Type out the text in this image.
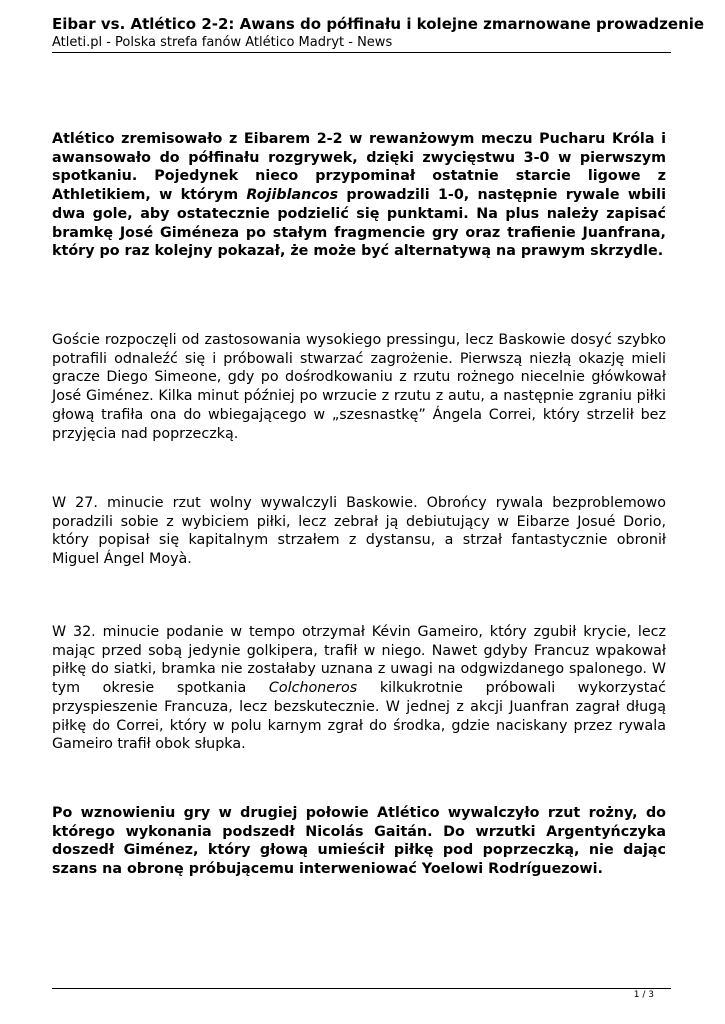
Eibar vs. Atlético 2-2: Awans do półfinału i kolejne zmarnowane prowadzenie
Atleti.pl - Polska strefa fanów Atlético Madryt - News

Atlético zremisowało z Eibarem 2-2 w rewanżowym meczu Pucharu Króla i awansowało do półfinału rozgrywek, dzięki zwycięstwu 3-0 w pierwszym spotkaniu. Pojedynek nieco przypominał ostatnie starcie ligowe z Athletikiem, w którym Rojiblancos prowadzili 1-0, następnie rywale wbili dwa gole, aby ostatecznie podzielić się punktami. Na plus należy zapisać bramkę José Giméneza po stałym fragmencie gry oraz trafienie Juanfrana, który po raz kolejny pokazał, że może być alternatywą na prawym skrzydle.

Goście rozpoczęli od zastosowania wysokiego pressingu, lecz Baskowie dosyć szybko potrafili odnaleźć się i próbowali stwarzać zagrożenie. Pierwszą niezłą okazję mieli gracze Diego Simeone, gdy po dośrodkowaniu z rzutu rożnego niecelnie główkował José Giménez. Kilka minut później po wrzucie z rzutu z autu, a następnie zgraniu piłki głową trafiła ona do wbiegającego w „szesnastkę” Ángela Correi, który strzelił bez przyjęcia nad poprzeczką.

W 27. minucie rzut wolny wywalczyli Baskowie. Obrońcy rywala bezproblemowo poradzili sobie z wybiciem piłki, lecz zebrał ją debiutujący w Eibarze Josué Dorio, który popisał się kapitalnym strzałem z dystansu, a strzał fantastycznie obronił Miguel Ángel Moyà.

W 32. minucie podanie w tempo otrzymał Kévin Gameiro, który zgubił krycie, lecz mając przed sobą jedynie golkipera, trafił w niego. Nawet gdyby Francuz wpakował piłkę do siatki, bramka nie zostałaby uznana z uwagi na odgwizdanego spalonego. W tym okresie spotkania Colchoneros kilkukrotnie próbowali wykorzystać przyspieszenie Francuza, lecz bezskutecznie. W jednej z akcji Juanfran zagrał długą piłkę do Correi, który w polu karnym zgrał do środka, gdzie naciskany przez rywala Gameiro trafił obok słupka.

Po wznowieniu gry w drugiej połowie Atlético wywalczyło rzut rożny, do którego wykonania podszedł Nicolás Gaitán. Do wrzutki Argentyńczyka doszedł Giménez, który głową umieścił piłkę pod poprzeczką, nie dając szans na obronę próbującemu interweniować Yoelowi Rodríguezowi.

1 / 3
